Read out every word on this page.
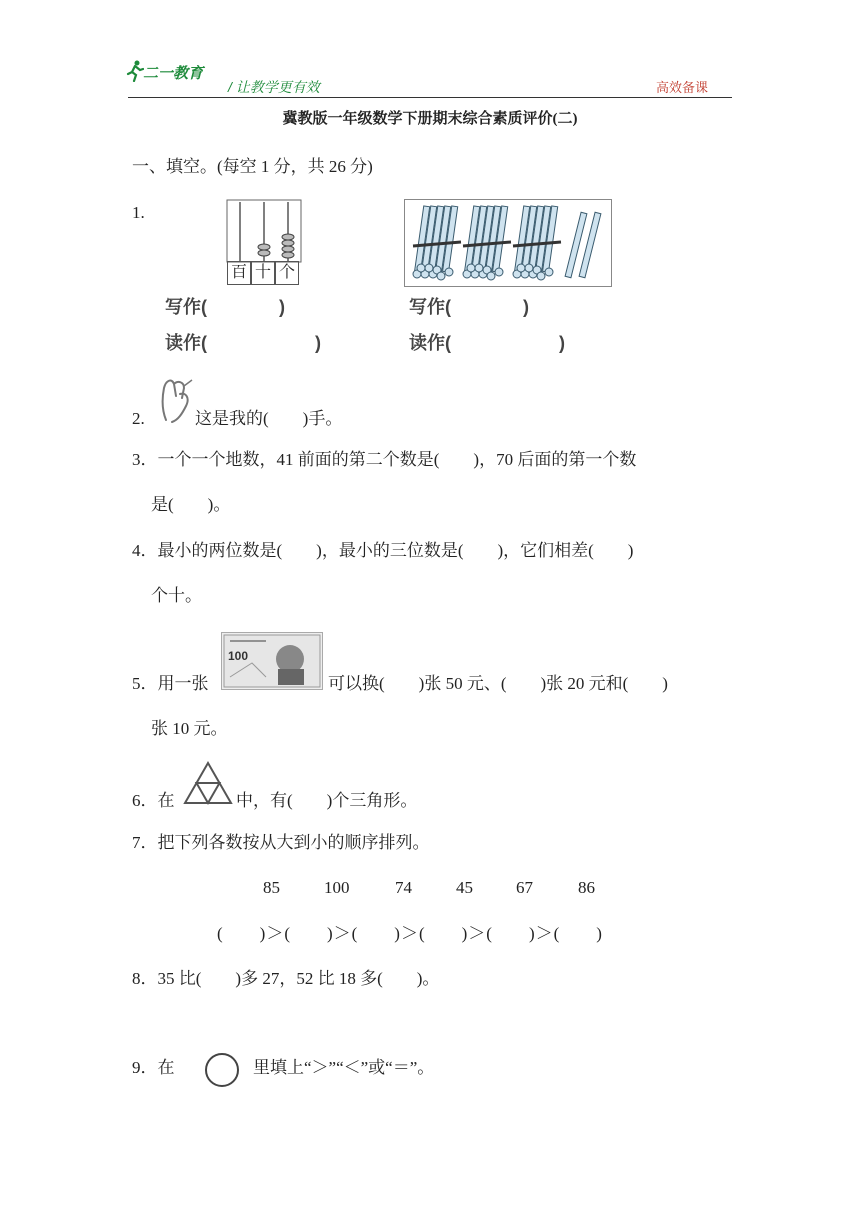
二一教育
/ 让教学更有效	高效备课
冀教版一年级数学下册期末综合素质评价(二)
一、填空。(每空 1 分，共 26 分)
1.
百 十 个
写作(　　　　)
读作(　　　　　　)
写作(　　　　)
读作(　　　　　　)
2.	这是我的(　　)手。
3．一个一个地数，41 前面的第二个数是(　　)，70 后面的第一个数
是(　　)。
4．最小的两位数是(　　)，最小的三位数是(　　)，它们相差(　　)
个十。
5．用一张
100
可以换(　　)张 50 元、(　　)张 20 元和(　　)
张 10 元。
6．在	中，有(　　)个三角形。
7．把下列各数按从大到小的顺序排列。
85	100	74	45	67	86
(　　)＞(　　)＞(　　)＞(　　)＞(　　)＞(　　)
8．35 比(　　)多 27，52 比 18 多(　　)。
9．在	里填上“＞”“＜”或“＝”。
